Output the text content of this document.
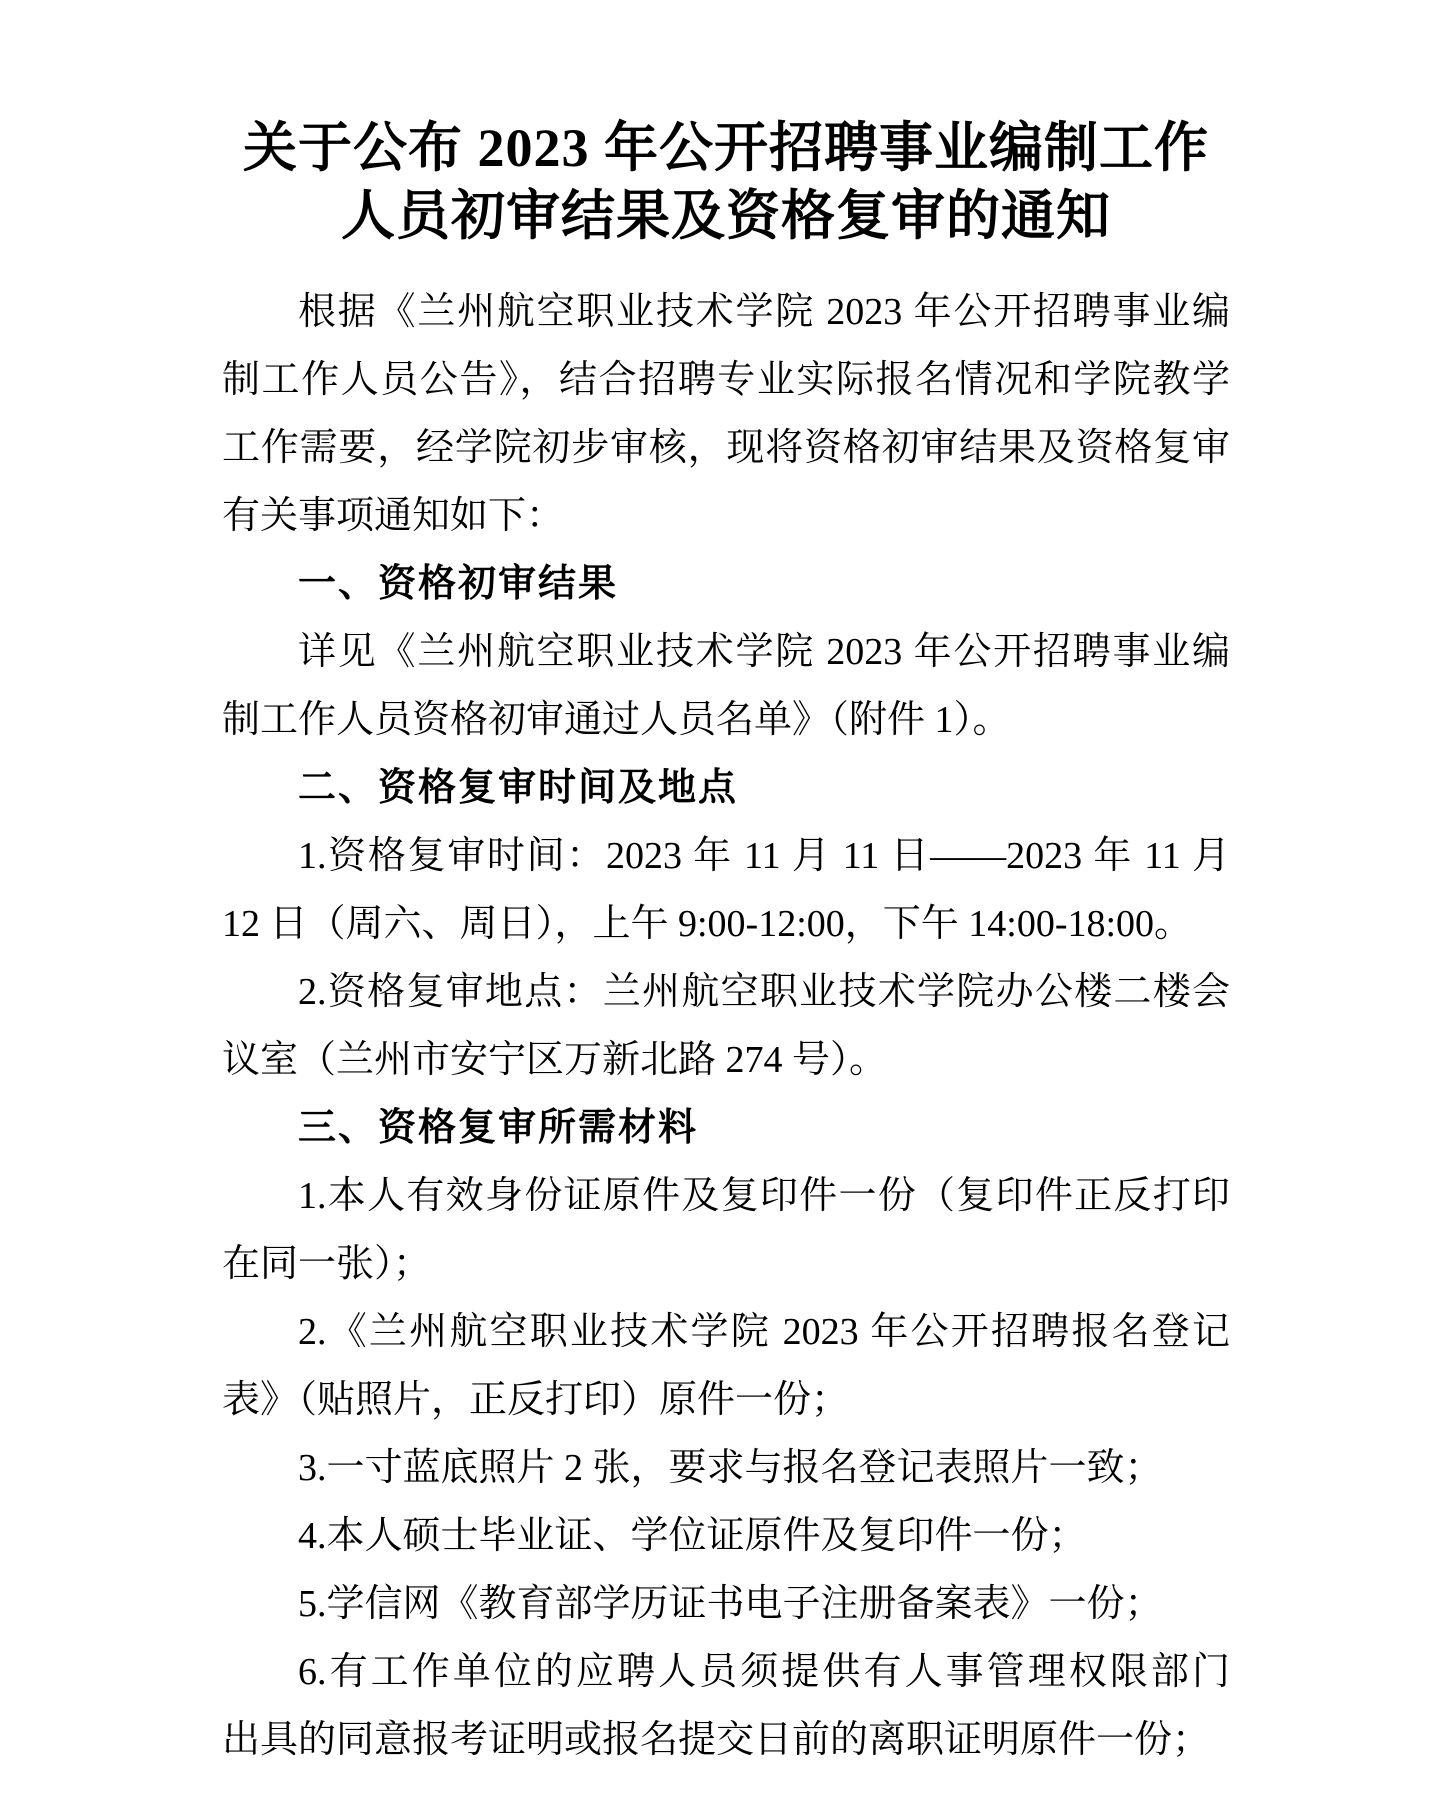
关于公布 2023 年公开招聘事业编制工作
人员初审结果及资格复审的通知
根据《兰州航空职业技术学院 2023 年公开招聘事业编
制工作人员公告》，结合招聘专业实际报名情况和学院教学
工作需要，经学院初步审核，现将资格初审结果及资格复审
有关事项通知如下：
一、资格初审结果
详见《兰州航空职业技术学院 2023 年公开招聘事业编
制工作人员资格初审通过人员名单》（附件 1）。
二、资格复审时间及地点
1.资格复审时间：2023 年 11 月 11 日——2023 年 11 月
12 日（周六、周日），上午 9:00-12:00，下午 14:00-18:00。
2.资格复审地点：兰州航空职业技术学院办公楼二楼会
议室（兰州市安宁区万新北路 274 号）。
三、资格复审所需材料
1.本人有效身份证原件及复印件一份（复印件正反打印
在同一张）；
2.《兰州航空职业技术学院 2023 年公开招聘报名登记
表》（贴照片，正反打印）原件一份；
3.一寸蓝底照片 2 张，要求与报名登记表照片一致；
4.本人硕士毕业证、学位证原件及复印件一份；
5.学信网《教育部学历证书电子注册备案表》一份；
6.有工作单位的应聘人员须提供有人事管理权限部门
出具的同意报考证明或报名提交日前的离职证明原件一份；
